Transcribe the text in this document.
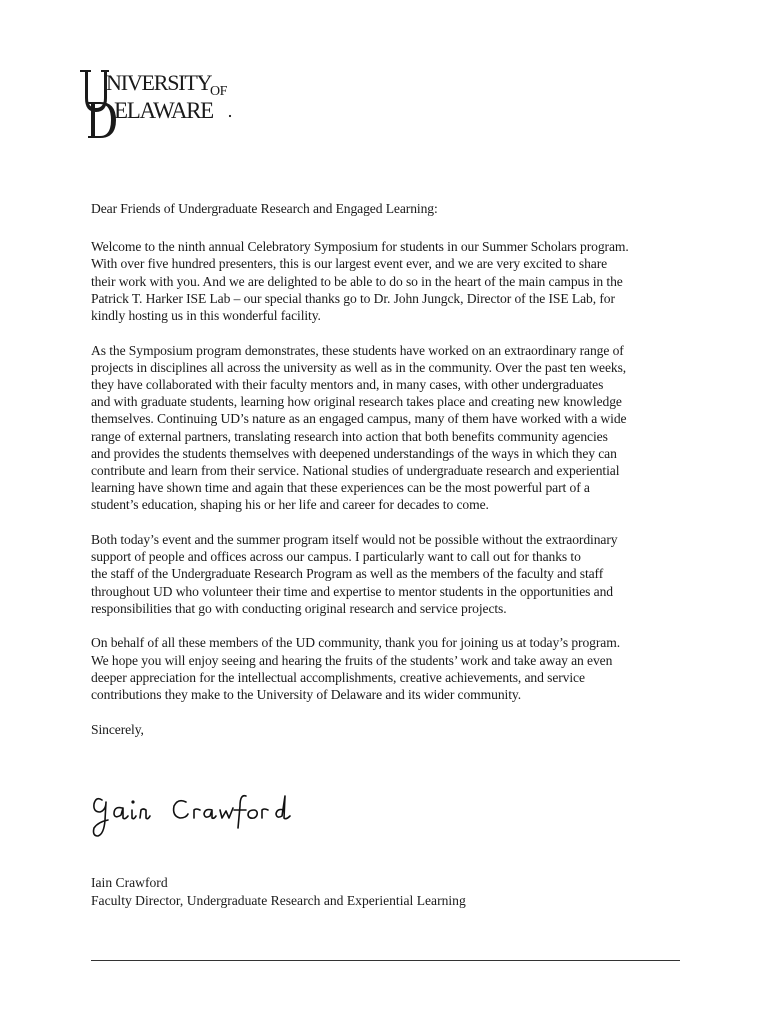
NIVERSITY
OF
ELAWARE

Dear Friends of Undergraduate Research and Engaged Learning:

Welcome to the ninth annual Celebratory Symposium for students in our Summer Scholars program.
With over five hundred presenters, this is our largest event ever, and we are very excited to share
their work with you. And we are delighted to be able to do so in the heart of the main campus in the
Patrick T. Harker ISE Lab – our special thanks go to Dr. John Jungck, Director of the ISE Lab, for
kindly hosting us in this wonderful facility.

As the Symposium program demonstrates, these students have worked on an extraordinary range of
projects in disciplines all across the university as well as in the community. Over the past ten weeks,
they have collaborated with their faculty mentors and, in many cases, with other undergraduates
and with graduate students, learning how original research takes place and creating new knowledge
themselves. Continuing UD’s nature as an engaged campus, many of them have worked with a wide
range of external partners, translating research into action that both benefits community agencies
and provides the students themselves with deepened understandings of the ways in which they can
contribute and learn from their service. National studies of undergraduate research and experiential
learning have shown time and again that these experiences can be the most powerful part of a
student’s education, shaping his or her life and career for decades to come.

Both today’s event and the summer program itself would not be possible without the extraordinary
support of people and offices across our campus. I particularly want to call out for thanks to
the staff of the Undergraduate Research Program as well as the members of the faculty and staff
throughout UD who volunteer their time and expertise to mentor students in the opportunities and
responsibilities that go with conducting original research and service projects.

On behalf of all these members of the UD community, thank you for joining us at today’s program.
We hope you will enjoy seeing and hearing the fruits of the students’ work and take away an even
deeper appreciation for the intellectual accomplishments, creative achievements, and service
contributions they make to the University of Delaware and its wider community.

Sincerely,

Iain Crawford
Faculty Director, Undergraduate Research and Experiential Learning
